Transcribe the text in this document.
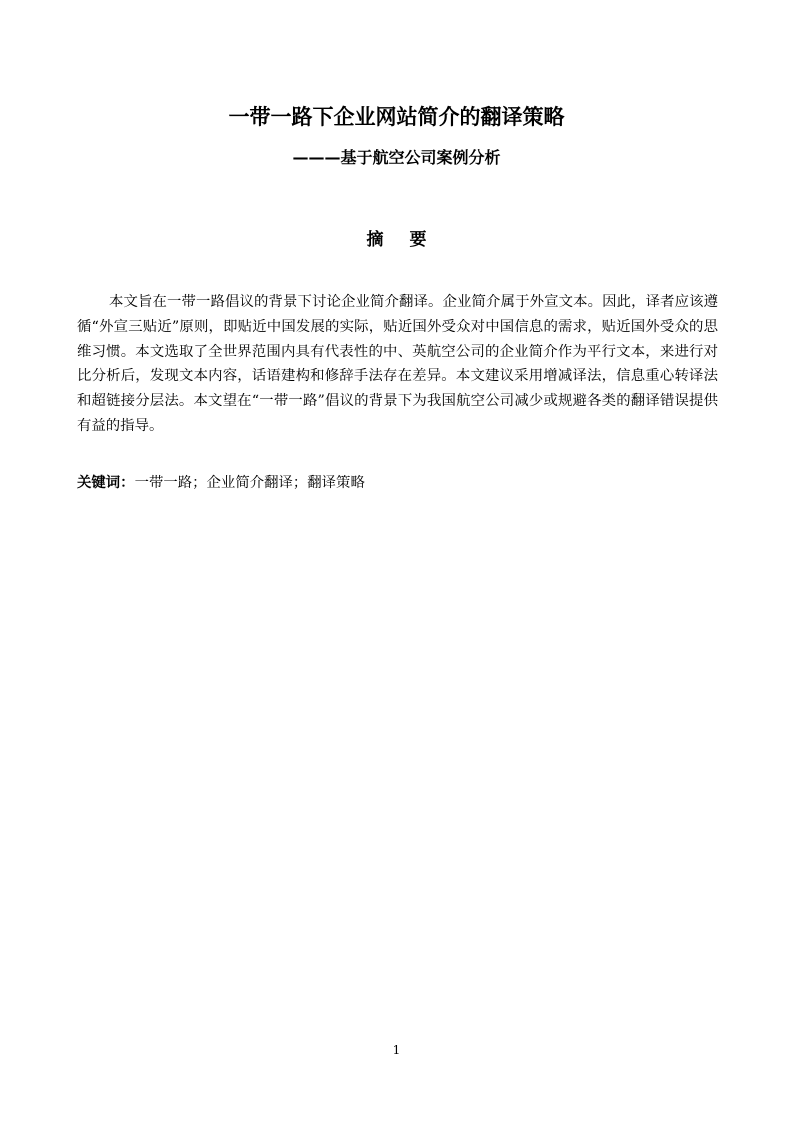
一带一路下企业网站简介的翻译策略
———基于航空公司案例分析
摘 要

本文旨在一带一路倡议的背景下讨论企业简介翻译。企业简介属于外宣文本。因此，译者应该遵循“外宣三贴近”原则，即贴近中国发展的实际，贴近国外受众对中国信息的需求，贴近国外受众的思维习惯。本文选取了全世界范围内具有代表性的中、英航空公司的企业简介作为平行文本，来进行对比分析后，发现文本内容，话语建构和修辞手法存在差异。本文建议采用增减译法，信息重心转译法和超链接分层法。本文望在“一带一路”倡议的背景下为我国航空公司减少或规避各类的翻译错误提供有益的指导。

关键词：一带一路；企业简介翻译；翻译策略

1
